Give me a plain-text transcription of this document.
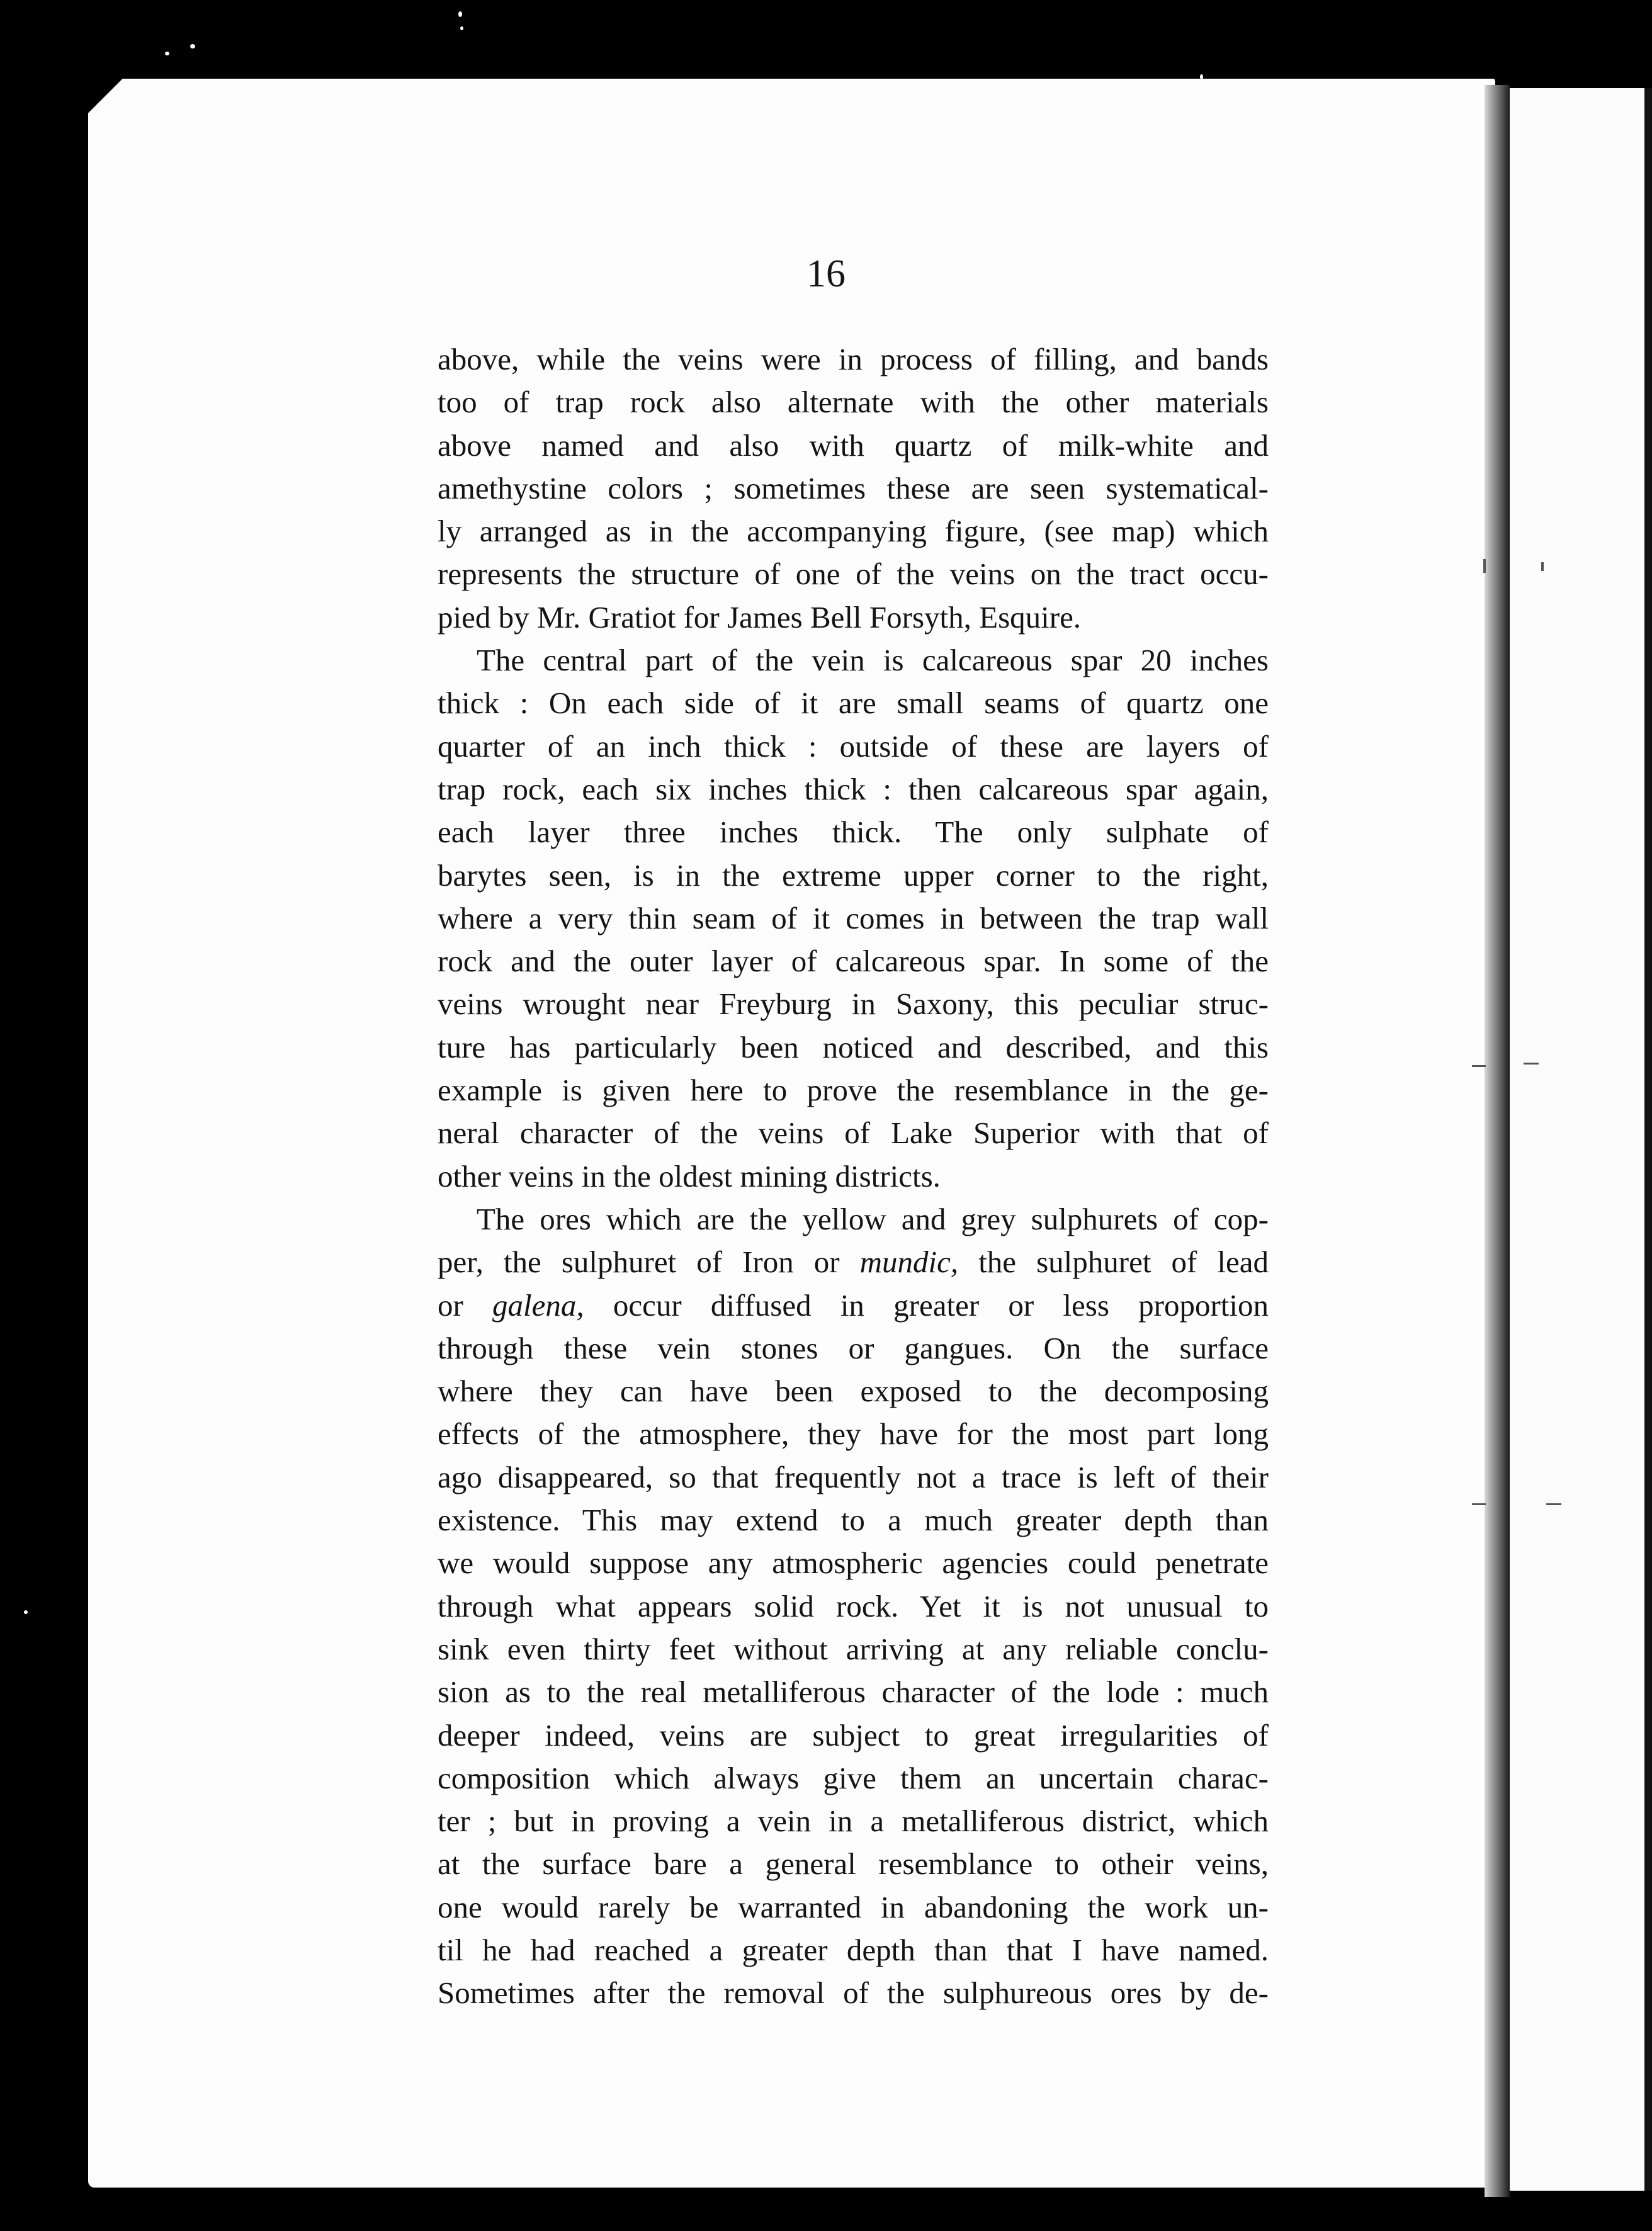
16

above, while the veins were in process of filling, and bands
too of trap rock also alternate with the other materials
above named and also with quartz of milk-white and
amethystine colors ; sometimes these are seen systematical-
ly arranged as in the accompanying figure, (see map) which
represents the structure of one of the veins on the tract occu-
pied by Mr. Gratiot for James Bell Forsyth, Esquire.
The central part of the vein is calcareous spar 20 inches
thick : On each side of it are small seams of quartz one
quarter of an inch thick : outside of these are layers of
trap rock, each six inches thick : then calcareous spar again,
each layer three inches thick. The only sulphate of
barytes seen, is in the extreme upper corner to the right,
where a very thin seam of it comes in between the trap wall
rock and the outer layer of calcareous spar. In some of the
veins wrought near Freyburg in Saxony, this peculiar struc-
ture has particularly been noticed and described, and this
example is given here to prove the resemblance in the ge-
neral character of the veins of Lake Superior with that of
other veins in the oldest mining districts.
The ores which are the yellow and grey sulphurets of cop-
per, the sulphuret of Iron or mundic, the sulphuret of lead
or galena, occur diffused in greater or less proportion
through these vein stones or gangues. On the surface
where they can have been exposed to the decomposing
effects of the atmosphere, they have for the most part long
ago disappeared, so that frequently not a trace is left of their
existence. This may extend to a much greater depth than
we would suppose any atmospheric agencies could penetrate
through what appears solid rock. Yet it is not unusual to
sink even thirty feet without arriving at any reliable conclu-
sion as to the real metalliferous character of the lode : much
deeper indeed, veins are subject to great irregularities of
composition which always give them an uncertain charac-
ter ; but in proving a vein in a metalliferous district, which
at the surface bare a general resemblance to otheir veins,
one would rarely be warranted in abandoning the work un-
til he had reached a greater depth than that I have named.
Sometimes after the removal of the sulphureous ores by de-
